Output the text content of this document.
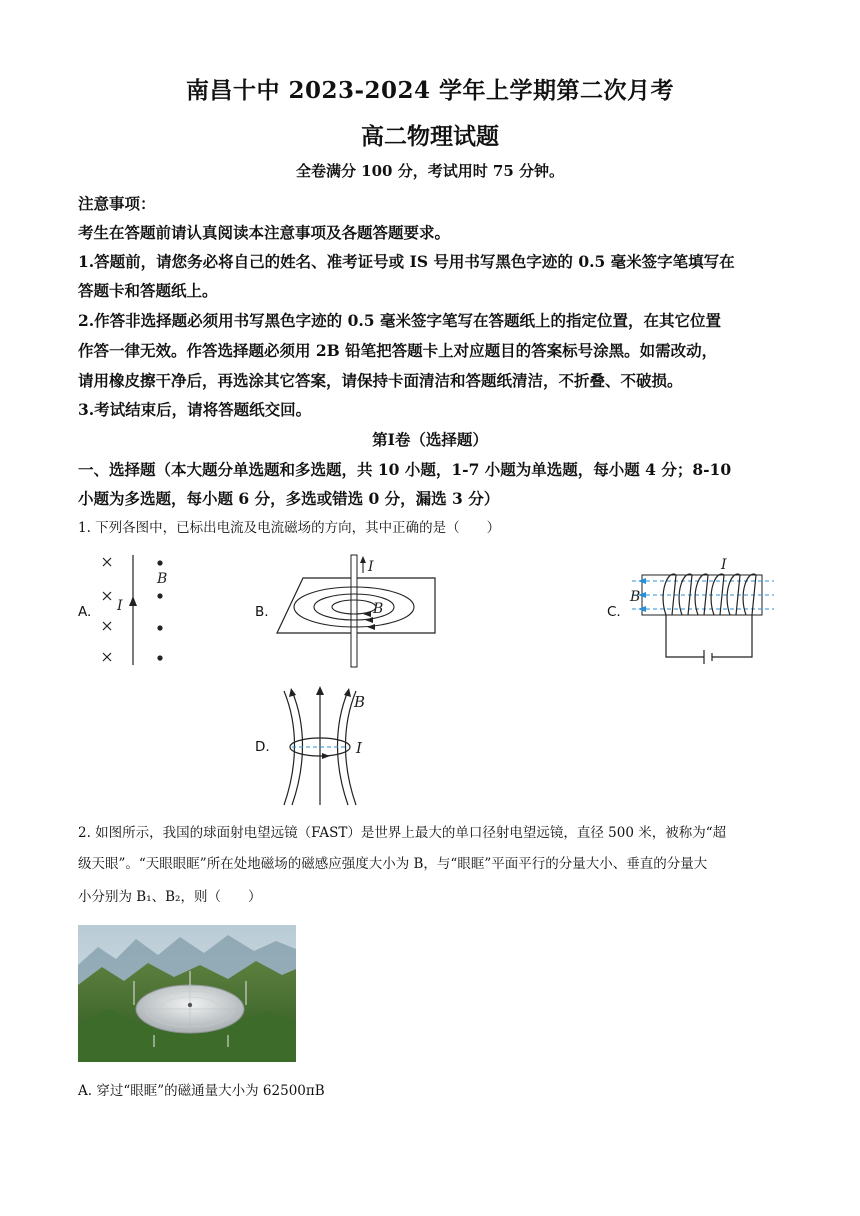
南昌十中 2023-2024 学年上学期第二次月考
高二物理试题
全卷满分 100 分，考试用时 75 分钟。
注意事项：
考生在答题前请认真阅读本注意事项及各题答题要求。
1.答题前，请您务必将自己的姓名、准考证号或 IS 号用书写黑色字迹的 0.5 毫米签字笔填写在
答题卡和答题纸上。
2.作答非选择题必须用书写黑色字迹的 0.5 毫米签字笔写在答题纸上的指定位置，在其它位置
作答一律无效。作答选择题必须用 2B 铅笔把答题卡上对应题目的答案标号涂黑。如需改动，
请用橡皮擦干净后，再选涂其它答案，请保持卡面清洁和答题纸清洁，不折叠、不破损。
3.考试结束后，请将答题纸交回。
第Ⅰ卷（选择题）
一、选择题（本大题分单选题和多选题，共 10 小题，1-7 小题为单选题，每小题 4 分；8-10
小题为多选题，每小题 6 分，多选或错选 0 分，漏选 3 分）
1. 下列各图中，已标出电流及电流磁场的方向，其中正确的是（　　）
A.
B
I	B.
I
B	C.
I
B
D.
B
I
2. 如图所示，我国的球面射电望远镜（FAST）是世界上最大的单口径射电望远镜，直径 500 米，被称为“超
级天眼”。“天眼眼眶”所在处地磁场的磁感应强度大小为 B，与“眼眶”平面平行的分量大小、垂直的分量大
小分别为 B₁、B₂，则（　　）
A. 穿过“眼眶”的磁通量大小为 62500πB
